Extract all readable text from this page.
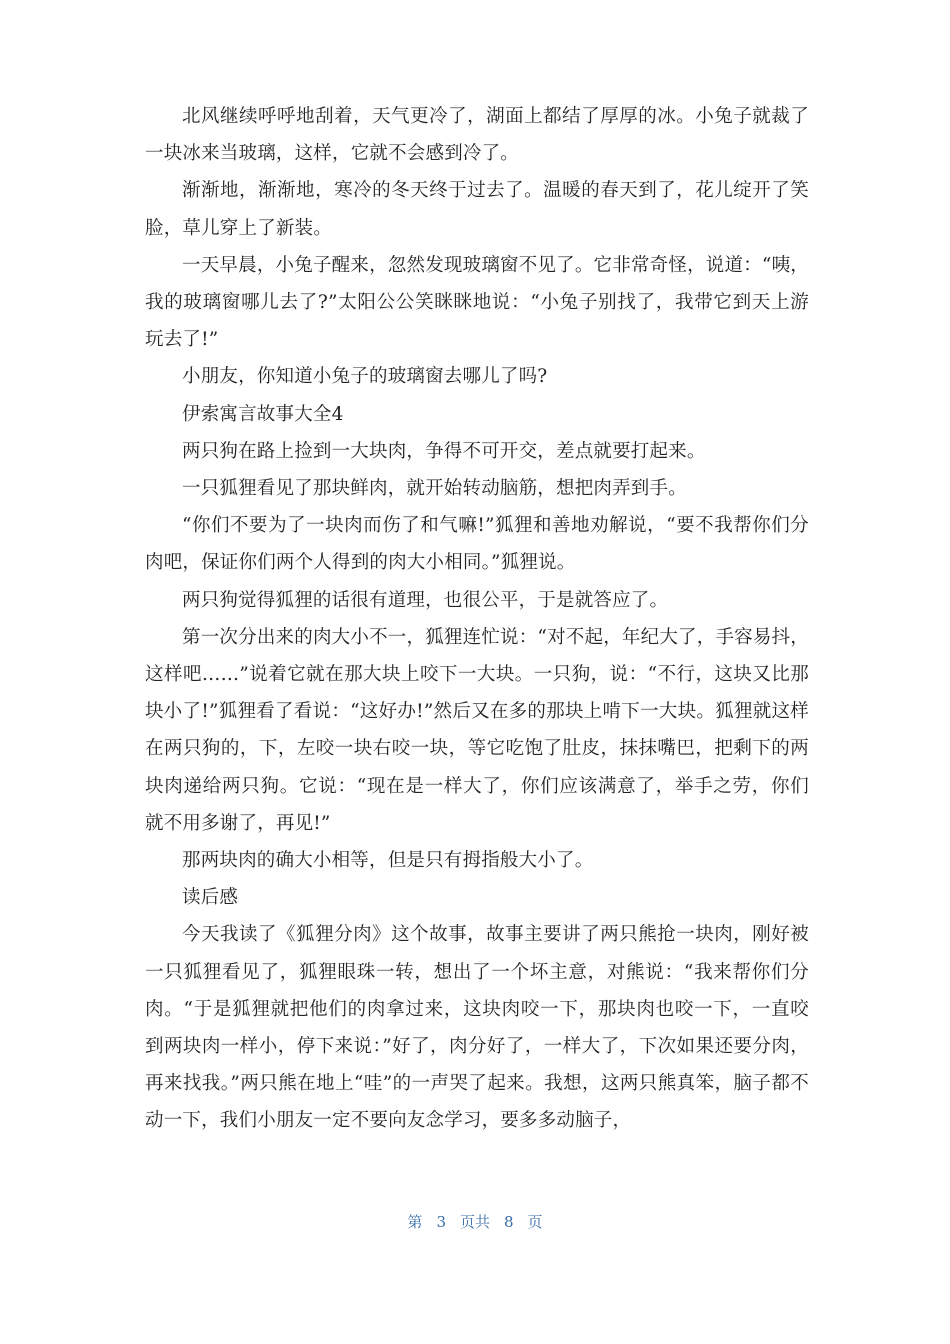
北风继续呼呼地刮着，天气更冷了，湖面上都结了厚厚的冰。小兔子就裁了一块冰来当玻璃，这样，它就不会感到冷了。

渐渐地，渐渐地，寒冷的冬天终于过去了。温暖的春天到了，花儿绽开了笑脸，草儿穿上了新装。

一天早晨，小兔子醒来，忽然发现玻璃窗不见了。它非常奇怪，说道：“咦，我的玻璃窗哪儿去了?”太阳公公笑眯眯地说：“小兔子别找了，我带它到天上游玩去了!”

小朋友，你知道小兔子的玻璃窗去哪儿了吗?

伊索寓言故事大全4

两只狗在路上捡到一大块肉，争得不可开交，差点就要打起来。

一只狐狸看见了那块鲜肉，就开始转动脑筋，想把肉弄到手。

“你们不要为了一块肉而伤了和气嘛!”狐狸和善地劝解说，“要不我帮你们分肉吧，保证你们两个人得到的肉大小相同。”狐狸说。

两只狗觉得狐狸的话很有道理，也很公平，于是就答应了。

第一次分出来的肉大小不一，狐狸连忙说：“对不起，年纪大了，手容易抖，这样吧……”说着它就在那大块上咬下一大块。一只狗，说：“不行，这块又比那块小了!”狐狸看了看说：“这好办!”然后又在多的那块上啃下一大块。狐狸就这样在两只狗的，下，左咬一块右咬一块，等它吃饱了肚皮，抹抹嘴巴，把剩下的两块肉递给两只狗。它说：“现在是一样大了，你们应该满意了，举手之劳，你们就不用多谢了，再见!”

那两块肉的确大小相等，但是只有拇指般大小了。

读后感

今天我读了《狐狸分肉》这个故事，故事主要讲了两只熊抢一块肉，刚好被一只狐狸看见了，狐狸眼珠一转，想出了一个坏主意，对熊说：“我来帮你们分肉。“于是狐狸就把他们的肉拿过来，这块肉咬一下，那块肉也咬一下，一直咬到两块肉一样小，停下来说：”好了，肉分好了，一样大了，下次如果还要分肉，再来找我。”两只熊在地上“哇”的一声哭了起来。我想，这两只熊真笨，脑子都不动一下，我们小朋友一定不要向友念学习，要多多动脑子，

第 3 页共 8 页
